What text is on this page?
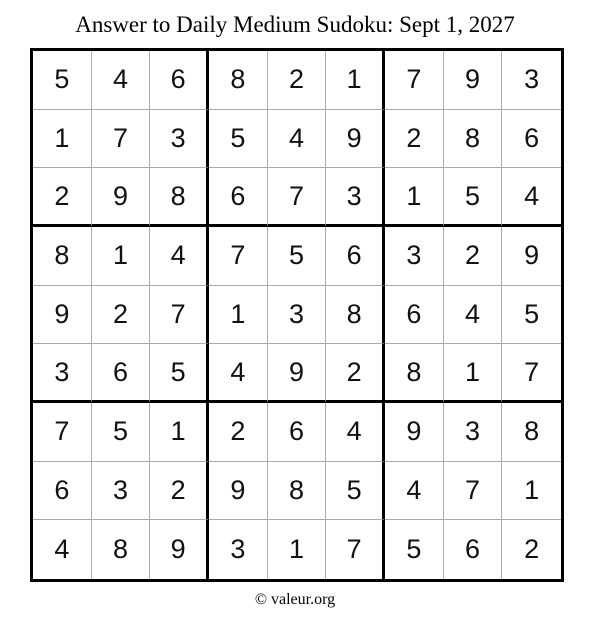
Answer to Daily Medium Sudoku: Sept 1, 2027
5	4	6	8	2	1	7	9	3
1	7	3	5	4	9	2	8	6
2	9	8	6	7	3	1	5	4
8	1	4	7	5	6	3	2	9
9	2	7	1	3	8	6	4	5
3	6	5	4	9	2	8	1	7
7	5	1	2	6	4	9	3	8
6	3	2	9	8	5	4	7	1
4	8	9	3	1	7	5	6	2
© valeur.org
